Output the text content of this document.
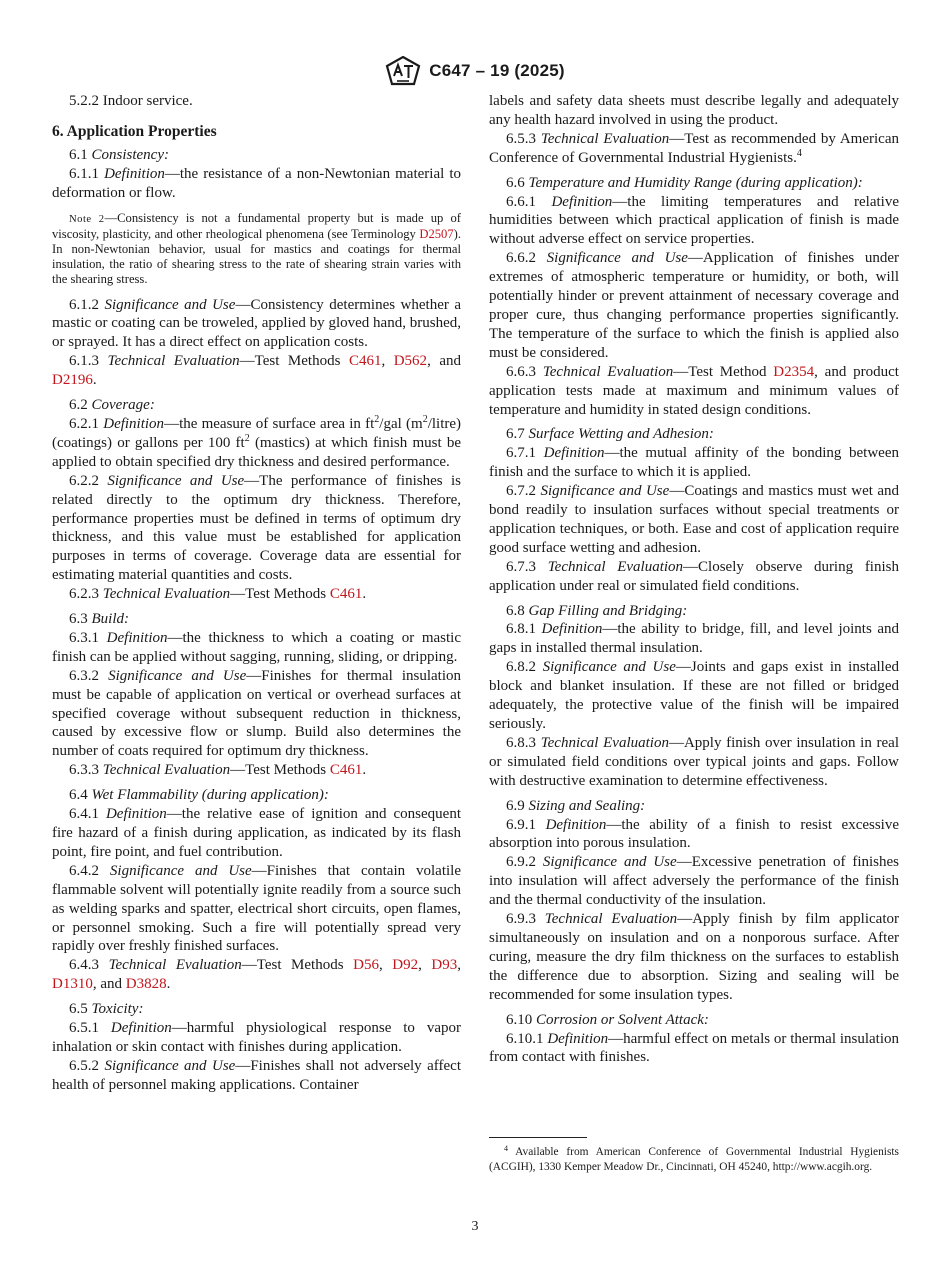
C647 – 19 (2025)

5.2.2 Indoor service.

6. Application Properties

6.1 Consistency:

6.1.1 Definition—the resistance of a non-Newtonian material to deformation or flow.

Note 2—Consistency is not a fundamental property but is made up of viscosity, plasticity, and other rheological phenomena (see Terminology D2507). In non-Newtonian behavior, usual for mastics and coatings for thermal insulation, the ratio of shearing stress to the rate of shearing strain varies with the shearing stress.

6.1.2 Significance and Use—Consistency determines whether a mastic or coating can be troweled, applied by gloved hand, brushed, or sprayed. It has a direct effect on application costs.

6.1.3 Technical Evaluation—Test Methods C461, D562, and D2196.

6.2 Coverage:

6.2.1 Definition—the measure of surface area in $ft^2$/gal $(m^2/litre)$ (coatings) or gallons per 100 $ft^2$ (mastics) at which finish must be applied to obtain specified dry thickness and desired performance.

6.2.2 Significance and Use—The performance of finishes is related directly to the optimum dry thickness. Therefore, performance properties must be defined in terms of optimum dry thickness, and this value must be established for application purposes in terms of coverage. Coverage data are essential for estimating material quantities and costs.

6.2.3 Technical Evaluation—Test Methods C461.

6.3 Build:

6.3.1 Definition—the thickness to which a coating or mastic finish can be applied without sagging, running, sliding, or dripping.

6.3.2 Significance and Use—Finishes for thermal insulation must be capable of application on vertical or overhead surfaces at specified coverage without subsequent reduction in thickness, caused by excessive flow or slump. Build also determines the number of coats required for optimum dry thickness.

6.3.3 Technical Evaluation—Test Methods C461.

6.4 Wet Flammability (during application):

6.4.1 Definition—the relative ease of ignition and consequent fire hazard of a finish during application, as indicated by its flash point, fire point, and fuel contribution.

6.4.2 Significance and Use—Finishes that contain volatile flammable solvent will potentially ignite readily from a source such as welding sparks and spatter, electrical short circuits, open flames, or personnel smoking. Such a fire will potentially spread very rapidly over freshly finished surfaces.

6.4.3 Technical Evaluation—Test Methods D56, D92, D93, D1310, and D3828.

6.5 Toxicity:

6.5.1 Definition—harmful physiological response to vapor inhalation or skin contact with finishes during application.

6.5.2 Significance and Use—Finishes shall not adversely affect health of personnel making applications. Container

labels and safety data sheets must describe legally and adequately any health hazard involved in using the product.

6.5.3 Technical Evaluation—Test as recommended by American Conference of Governmental Industrial Hygienists.$^4$

6.6 Temperature and Humidity Range (during application):

6.6.1 Definition—the limiting temperatures and relative humidities between which practical application of finish is made without adverse effect on service properties.

6.6.2 Significance and Use—Application of finishes under extremes of atmospheric temperature or humidity, or both, will potentially hinder or prevent attainment of necessary coverage and proper cure, thus changing performance properties significantly. The temperature of the surface to which the finish is applied also must be considered.

6.6.3 Technical Evaluation—Test Method D2354, and product application tests made at maximum and minimum values of temperature and humidity in stated design conditions.

6.7 Surface Wetting and Adhesion:

6.7.1 Definition—the mutual affinity of the bonding between finish and the surface to which it is applied.

6.7.2 Significance and Use—Coatings and mastics must wet and bond readily to insulation surfaces without special treatments or application techniques, or both. Ease and cost of application require good surface wetting and adhesion.

6.7.3 Technical Evaluation—Closely observe during finish application under real or simulated field conditions.

6.8 Gap Filling and Bridging:

6.8.1 Definition—the ability to bridge, fill, and level joints and gaps in installed thermal insulation.

6.8.2 Significance and Use—Joints and gaps exist in installed block and blanket insulation. If these are not filled or bridged adequately, the protective value of the finish will be impaired seriously.

6.8.3 Technical Evaluation—Apply finish over insulation in real or simulated field conditions over typical joints and gaps. Follow with destructive examination to determine effectiveness.

6.9 Sizing and Sealing:

6.9.1 Definition—the ability of a finish to resist excessive absorption into porous insulation.

6.9.2 Significance and Use—Excessive penetration of finishes into insulation will affect adversely the performance of the finish and the thermal conductivity of the insulation.

6.9.3 Technical Evaluation—Apply finish by film applicator simultaneously on insulation and on a nonporous surface. After curing, measure the dry film thickness on the surfaces to establish the difference due to absorption. Sizing and sealing will be recommended for some insulation types.

6.10 Corrosion or Solvent Attack:

6.10.1 Definition—harmful effect on metals or thermal insulation from contact with finishes.

$^4$ Available from American Conference of Governmental Industrial Hygienists (ACGIH), 1330 Kemper Meadow Dr., Cincinnati, OH 45240, http://www.acgih.org.
3
